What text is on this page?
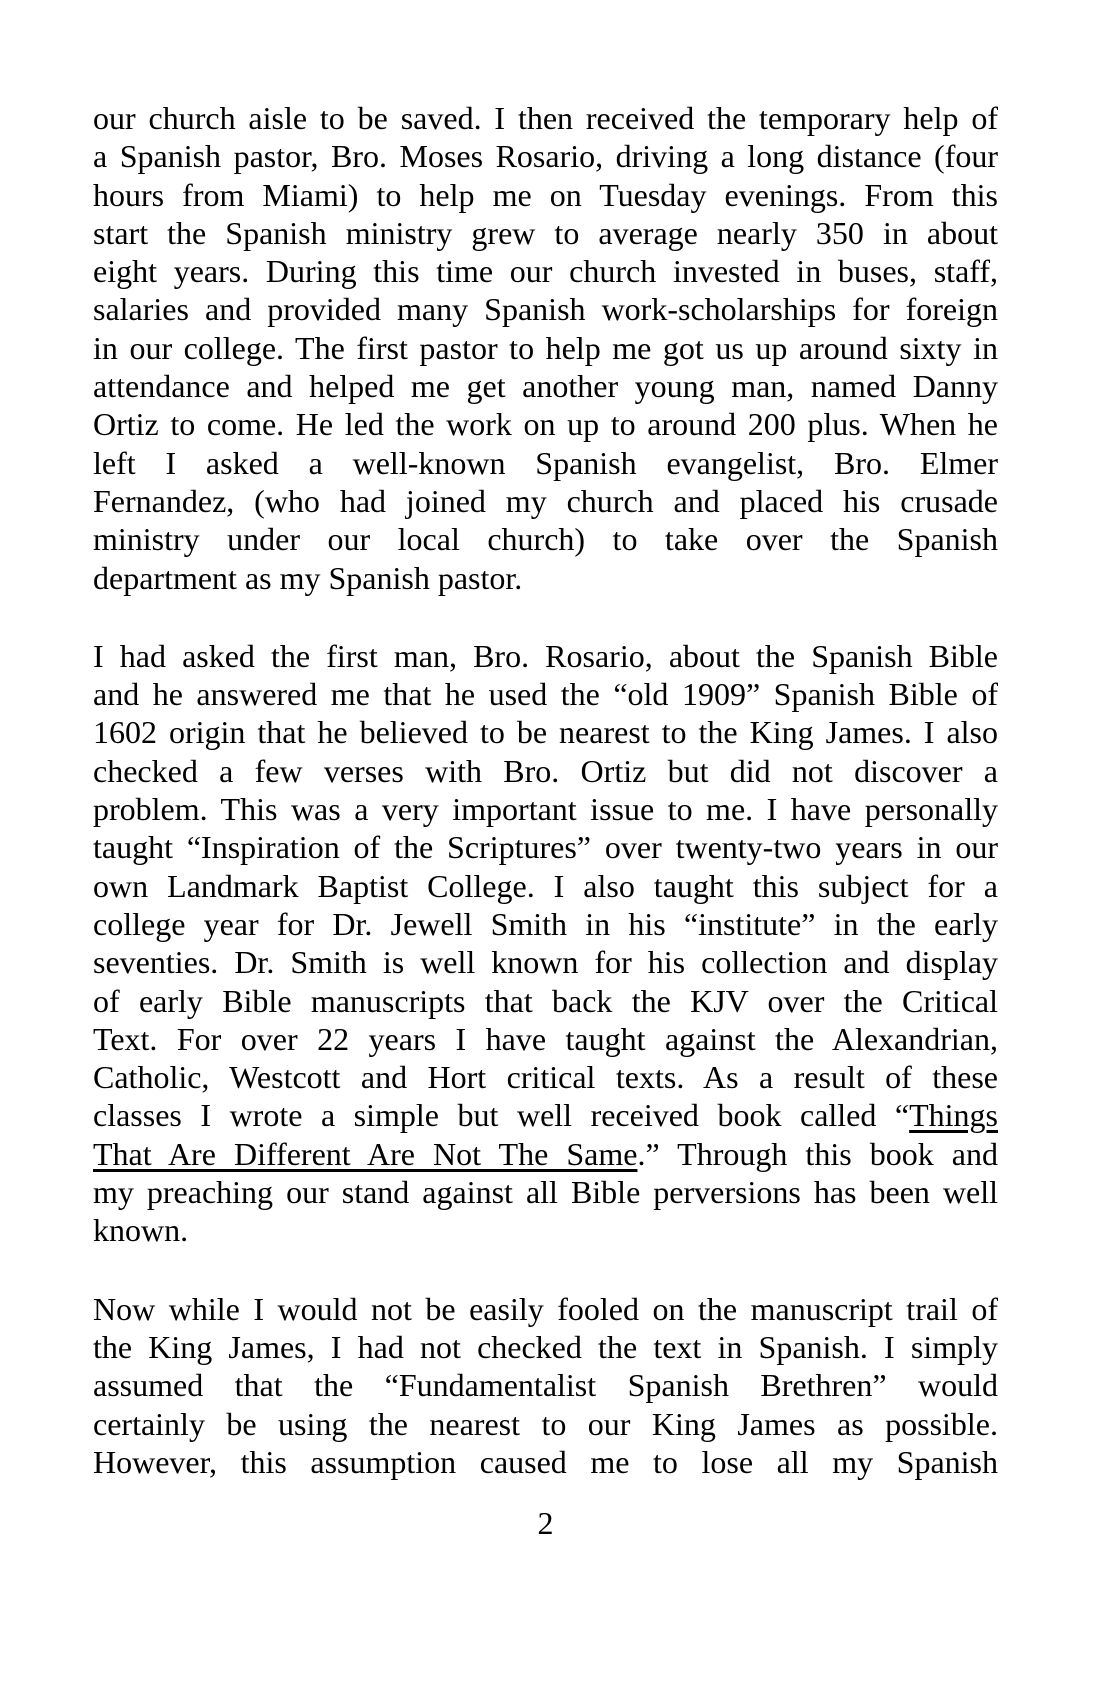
our church aisle to be saved. I then received the temporary help of
a Spanish pastor, Bro. Moses Rosario, driving a long distance (four
hours from Miami) to help me on Tuesday evenings. From this
start the Spanish ministry grew to average nearly 350 in about
eight years. During this time our church invested in buses, staff,
salaries and provided many Spanish work-scholarships for foreign
in our college. The first pastor to help me got us up around sixty in
attendance and helped me get another young man, named Danny
Ortiz to come. He led the work on up to around 200 plus. When he
left I asked a well-known Spanish evangelist, Bro. Elmer
Fernandez, (who had joined my church and placed his crusade
ministry under our local church) to take over the Spanish
department as my Spanish pastor.
I had asked the first man, Bro. Rosario, about the Spanish Bible
and he answered me that he used the “old 1909” Spanish Bible of
1602 origin that he believed to be nearest to the King James. I also
checked a few verses with Bro. Ortiz but did not discover a
problem. This was a very important issue to me. I have personally
taught “Inspiration of the Scriptures” over twenty-two years in our
own Landmark Baptist College. I also taught this subject for a
college year for Dr. Jewell Smith in his “institute” in the early
seventies. Dr. Smith is well known for his collection and display
of early Bible manuscripts that back the KJV over the Critical
Text. For over 22 years I have taught against the Alexandrian,
Catholic, Westcott and Hort critical texts. As a result of these
classes I wrote a simple but well received book called “Things
That Are Different Are Not The Same.” Through this book and
my preaching our stand against all Bible perversions has been well
known.
Now while I would not be easily fooled on the manuscript trail of
the King James, I had not checked the text in Spanish. I simply
assumed that the “Fundamentalist Spanish Brethren” would
certainly be using the nearest to our King James as possible.
However, this assumption caused me to lose all my Spanish
2
